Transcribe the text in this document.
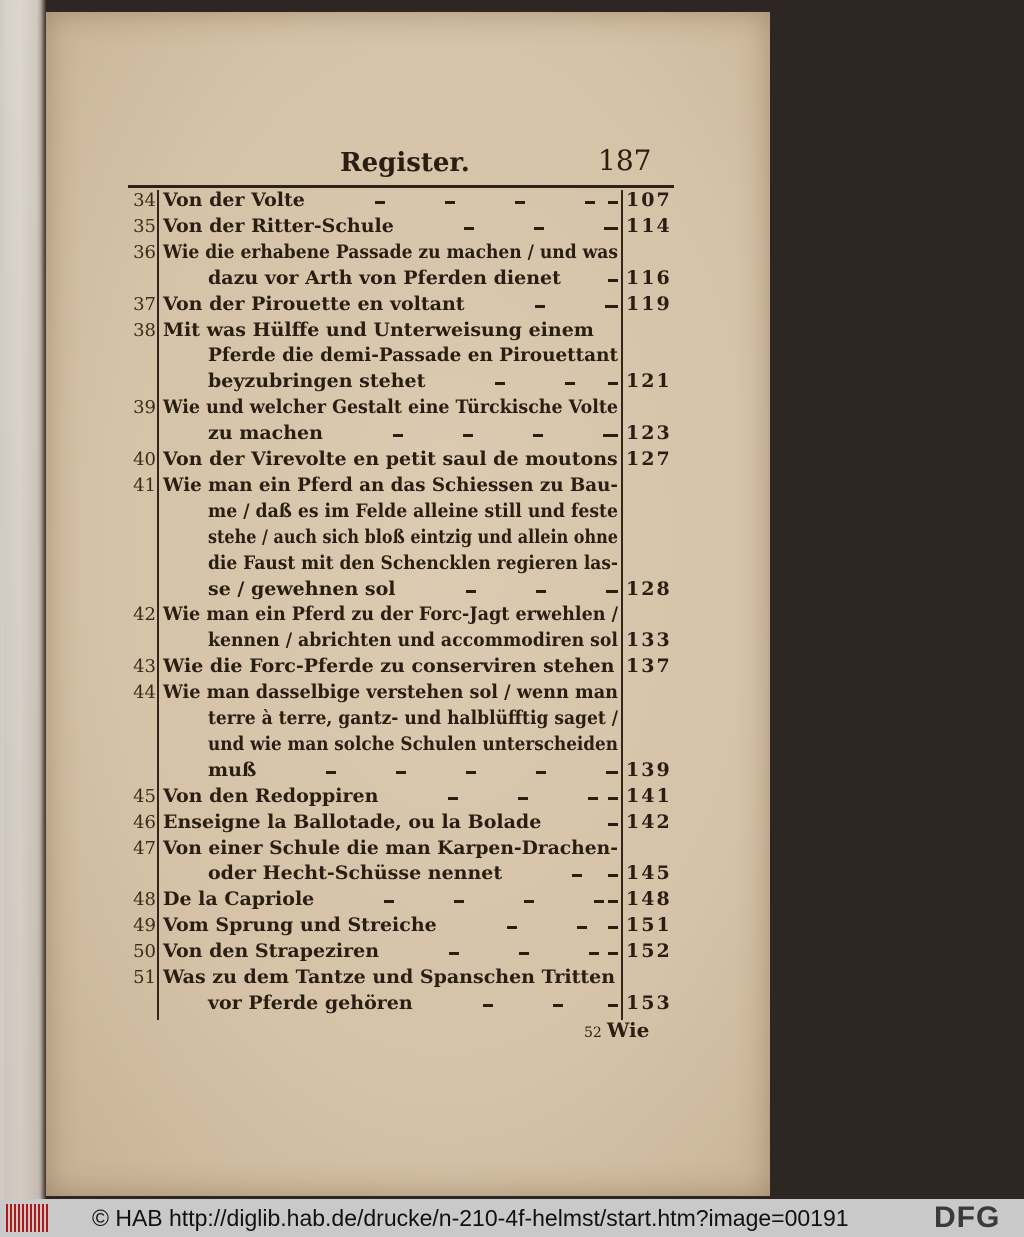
Register.	187
34 Von der Volte	107
35 Von der Ritter-Schule	114
36 Wie die erhabene Passade zu machen / und was
dazu vor Arth von Pferden dienet	116
37 Von der Pirouette en voltant	119
38 Mit was Hülffe und Unterweisung einem
Pferde die demi-Passade en Pirouettant
beyzubringen stehet	121
39 Wie und welcher Gestalt eine Türckische Volte
zu machen	123
40 Von der Virevolte en petit saul de moutons 127
41 Wie man ein Pferd an das Schiessen zu Bau-
me / daß es im Felde alleine still und feste
stehe / auch sich bloß eintzig und allein ohne
die Faust mit den Schencklen regieren las-
se / gewehnen sol	128
42 Wie man ein Pferd zu der Forc-Jagt erwehlen /
kennen / abrichten und accommodiren sol 133
43 Wie die Forc-Pferde zu conserviren stehen 137
44 Wie man dasselbige verstehen sol / wenn man
terre à terre, gantz- und halblüfftig saget /
und wie man solche Schulen unterscheiden
muß	139
45 Von den Redoppiren	141
46 Enseigne la Ballotade, ou la Bolade	142
47 Von einer Schule die man Karpen-Drachen-
oder Hecht-Schüsse nennet	145
48 De la Capriole	148
49 Vom Sprung und Streiche	151
50 Von den Strapeziren	152
51 Was zu dem Tantze und Spanschen Tritten
vor Pferde gehören	153
52 Wie
© HAB http://diglib.hab.de/drucke/n-210-4f-helmst/start.htm?image=00191	DFG
